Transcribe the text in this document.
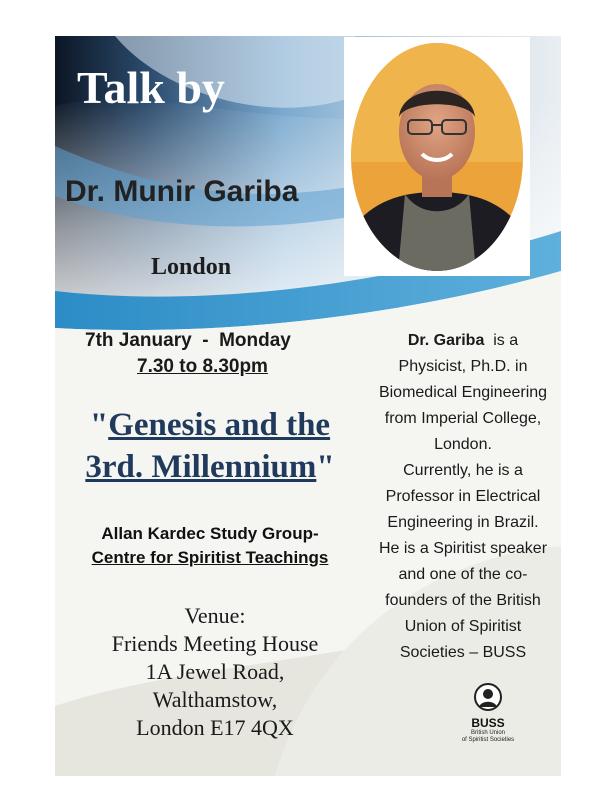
Talk by
Dr. Munir Gariba
London
7th January  -  Monday
7.30 to 8.30pm
"Genesis and the
3rd. Millennium"
Allan Kardec Study Group-
Centre for Spiritist Teachings
Venue:
Friends Meeting House
1A Jewel Road,
Walthamstow,
London E17 4QX
Dr. Gariba is a
Physicist, Ph.D. in
Biomedical Engineering
from Imperial College,
London.
Currently, he is a
Professor in Electrical
Engineering in Brazil.
He is a Spiritist speaker
and one of the co-
founders of the British
Union of Spiritist
Societies – BUSS
BUSS
British Union
of Spiritist Societies
